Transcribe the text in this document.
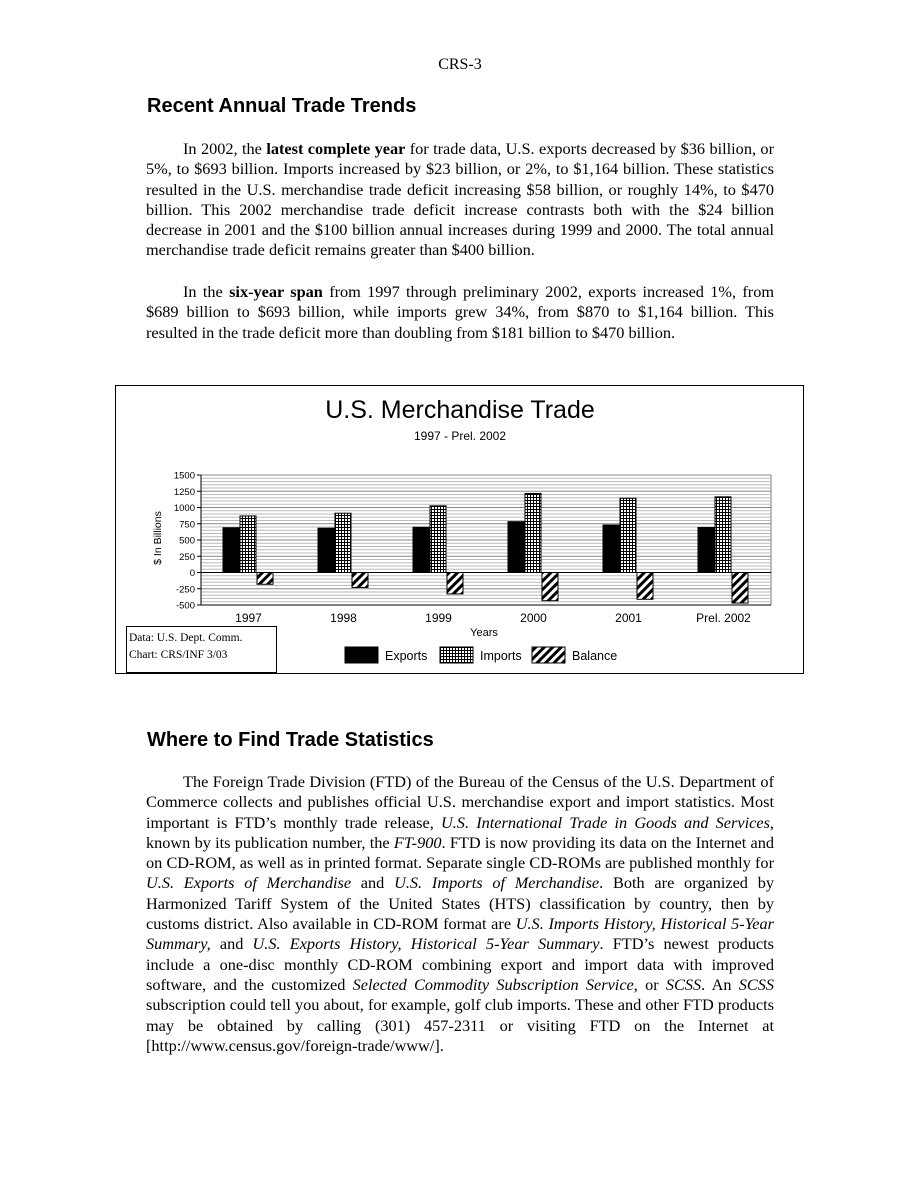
CRS-3
Recent Annual Trade Trends

In 2002, the latest complete year for trade data, U.S. exports decreased by $36 billion, or 5%, to $693 billion. Imports increased by $23 billion, or 2%, to $1,164 billion. These statistics resulted in the U.S. merchandise trade deficit increasing $58 billion, or roughly 14%, to $470 billion. This 2002 merchandise trade deficit increase contrasts both with the $24 billion decrease in 2001 and the $100 billion annual increases during 1999 and 2000. The total annual merchandise trade deficit remains greater than $400 billion.

In the six-year span from 1997 through preliminary 2002, exports increased 1%, from $689 billion to $693 billion, while imports grew 34%, from $870 to $1,164 billion. This resulted in the trade deficit more than doubling from $181 billion to $470 billion.

U.S. Merchandise Trade
1997 - Prel. 2002
$ In Billions
Years
-500
-250
0
250
500
750
1000
1250
1500
1997	1998	1999	2000	2001	Prel. 2002
Exports	Imports	Balance
Data: U.S. Dept. Comm.
Chart: CRS/INF 3/03
Where to Find Trade Statistics

The Foreign Trade Division (FTD) of the Bureau of the Census of the U.S. Department of Commerce collects and publishes official U.S. merchandise export and import statistics. Most important is FTD’s monthly trade release, U.S. International Trade in Goods and Services, known by its publication number, the FT-900. FTD is now providing its data on the Internet and on CD-ROM, as well as in printed format. Separate single CD-ROMs are published monthly for U.S. Exports of Merchandise and U.S. Imports of Merchandise. Both are organized by Harmonized Tariff System of the United States (HTS) classification by country, then by customs district. Also available in CD-ROM format are U.S. Imports History, Historical 5-Year Summary, and U.S. Exports History, Historical 5-Year Summary. FTD’s newest products include a one-disc monthly CD-ROM combining export and import data with improved software, and the customized Selected Commodity Subscription Service, or SCSS. An SCSS subscription could tell you about, for example, golf club imports. These and other FTD products may be obtained by calling (301) 457-2311 or visiting FTD on the Internet at [http://www.census.gov/foreign-trade/www/].
